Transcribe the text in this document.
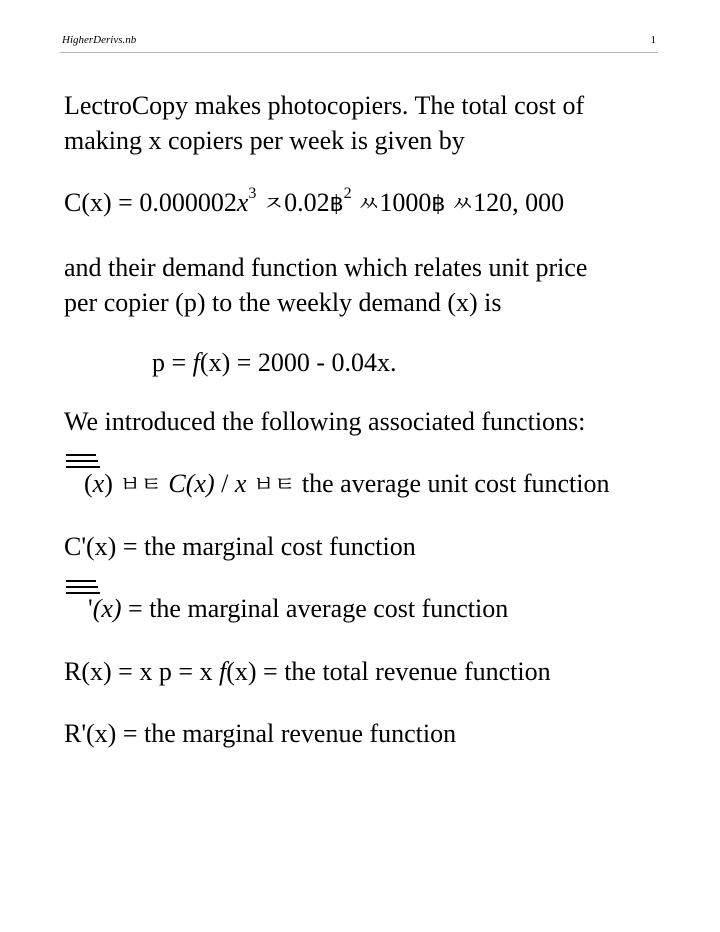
HigherDerivs.nb	1
LectroCopy makes photocopiers. The total cost of
making x copiers per week is given by
$C(x) = 0.000002x^3$ ㅈ0.02฿$^2$ ㅆ1000฿ ㅆ120, 000
and their demand function which relates unit price
per copier (p) to the weekly demand (x) is
p = f(x) = 2000 - 0.04x.
We introduced the following associated functions:
(x) ㅂㅌ C(x) / x ㅂㅌ the average unit cost function
C'(x) = the marginal cost function
'(x) = the marginal average cost function
R(x) = x p = x f(x) = the total revenue function
R'(x) = the marginal revenue function
